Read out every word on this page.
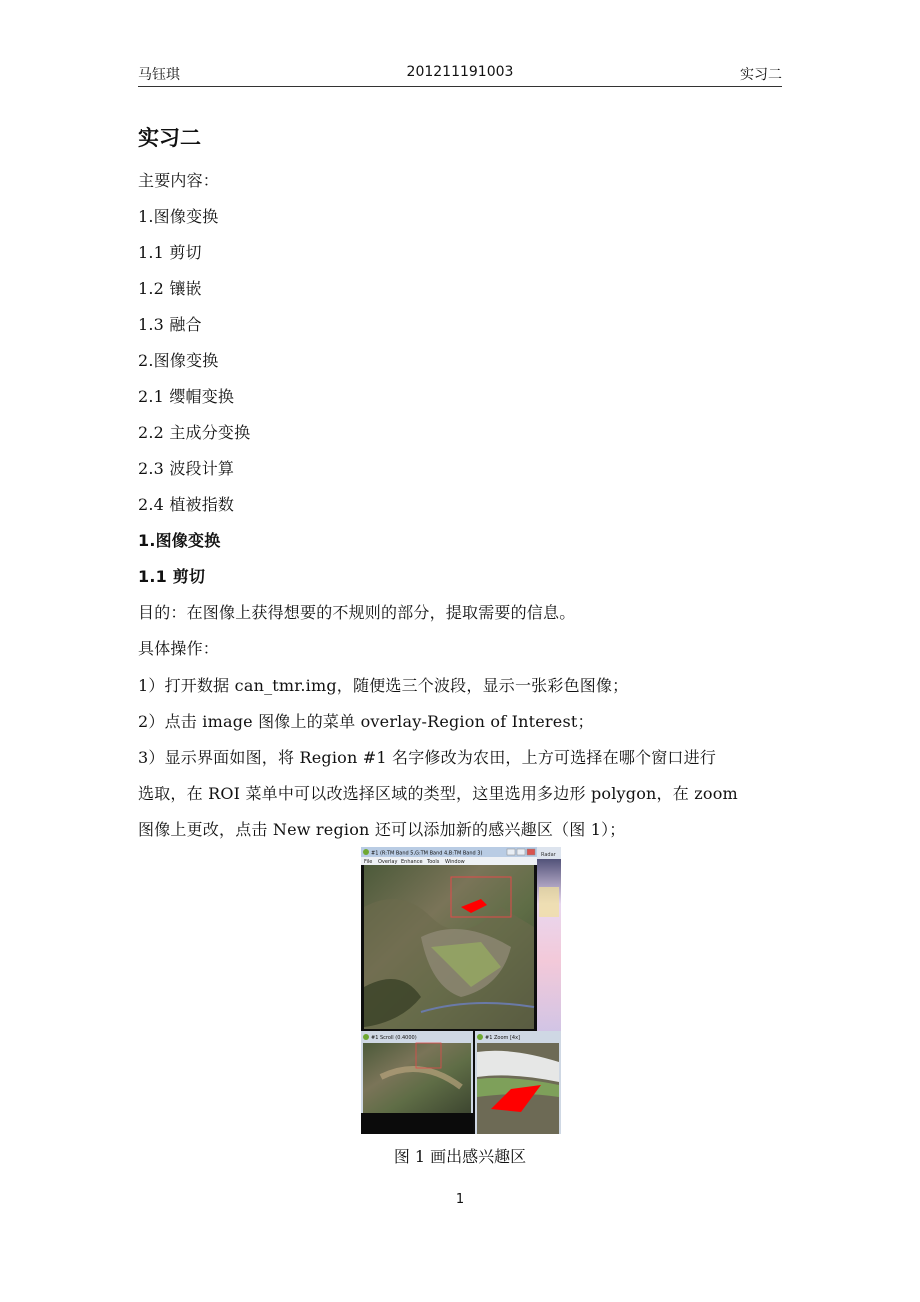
马钰琪	201211191003	实习二
实习二
主要内容：
1.图像变换
1.1 剪切
1.2 镶嵌
1.3 融合
2.图像变换
2.1 缨帽变换
2.2 主成分变换
2.3 波段计算
2.4 植被指数
1.图像变换
1.1 剪切
目的：在图像上获得想要的不规则的部分，提取需要的信息。
具体操作：
1）打开数据 can_tmr.img，随便选三个波段，显示一张彩色图像；
2）点击 image 图像上的菜单 overlay-Region of Interest；
3）显示界面如图，将 Region #1 名字修改为农田，上方可选择在哪个窗口进行
选取，在 ROI 菜单中可以改选择区域的类型，这里选用多边形 polygon，在 zoom
图像上更改，点击 New region 还可以添加新的感兴趣区（图 1）；
Radar
#1 (R:TM Band 5,G:TM Band 4,B:TM Band 3)
File Overlay Enhance Tools Window
#1 Scroll (0.4000)	#1 Zoom [4x]
图 1 画出感兴趣区
1
